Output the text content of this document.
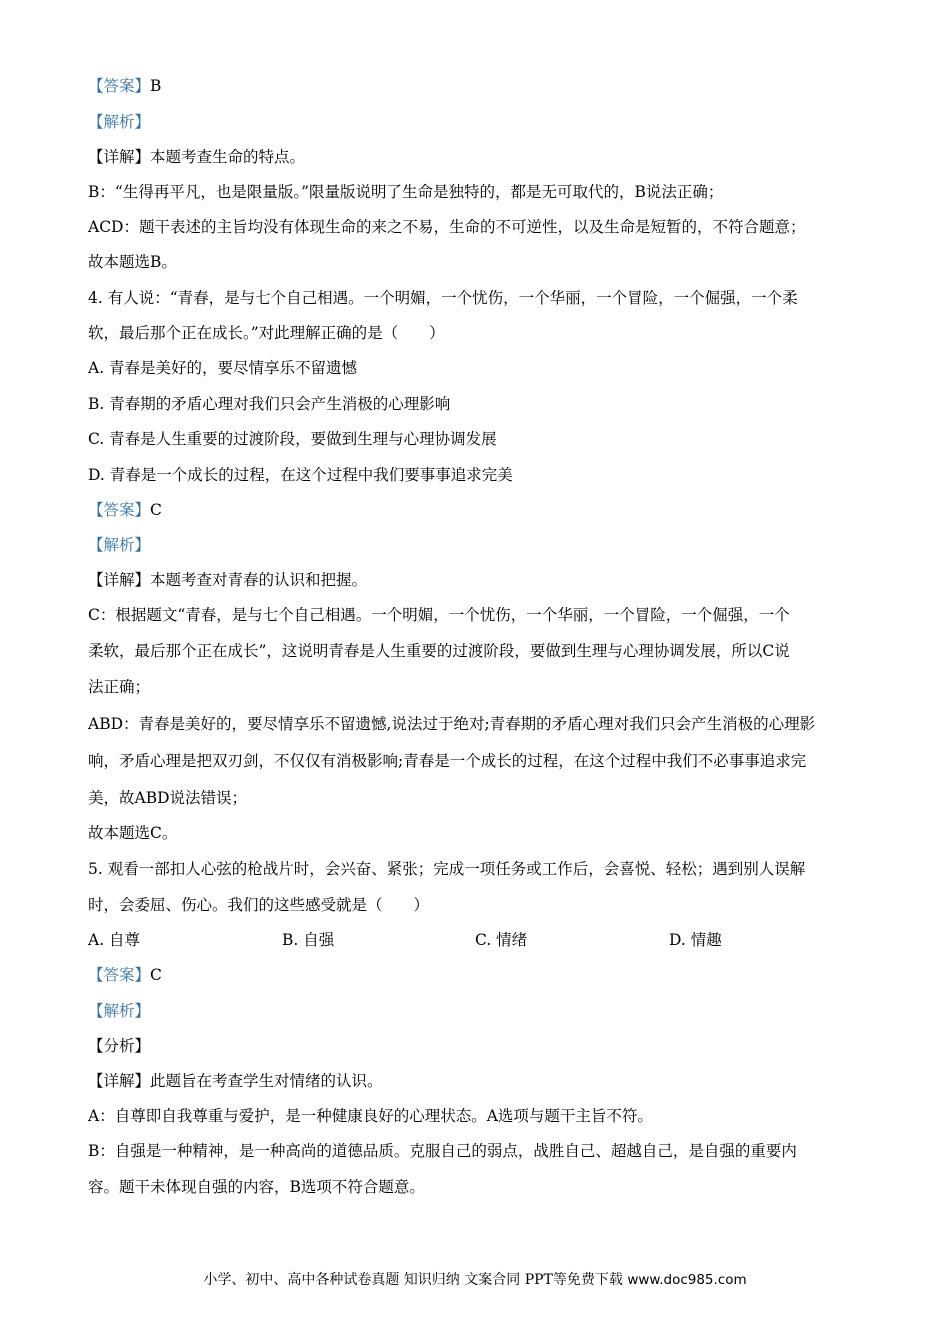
【答案】B
【解析】
【详解】本题考查生命的特点。
B：“生得再平凡，也是限量版。”限量版说明了生命是独特的，都是无可取代的，B说法正确；
ACD：题干表述的主旨均没有体现生命的来之不易，生命的不可逆性，以及生命是短暂的，不符合题意；
故本题选B。
4. 有人说：“青春，是与七个自己相遇。一个明媚，一个忧伤，一个华丽，一个冒险，一个倔强，一个柔
软，最后那个正在成长。”对此理解正确的是（　　）
A. 青春是美好的，要尽情享乐不留遗憾
B. 青春期的矛盾心理对我们只会产生消极的心理影响
C. 青春是人生重要的过渡阶段，要做到生理与心理协调发展
D. 青春是一个成长的过程，在这个过程中我们要事事追求完美
【答案】C
【解析】
【详解】本题考查对青春的认识和把握。
C：根据题文“青春，是与七个自己相遇。一个明媚，一个忧伤，一个华丽，一个冒险，一个倔强，一个
柔软，最后那个正在成长”，这说明青春是人生重要的过渡阶段，要做到生理与心理协调发展，所以C说
法正确；
ABD：青春是美好的，要尽情享乐不留遗憾,说法过于绝对;青春期的矛盾心理对我们只会产生消极的心理影
响，矛盾心理是把双刃剑，不仅仅有消极影响;青春是一个成长的过程，在这个过程中我们不必事事追求完
美，故ABD说法错误；
故本题选C。
5. 观看一部扣人心弦的枪战片时，会兴奋、紧张；完成一项任务或工作后，会喜悦、轻松；遇到别人误解
时，会委屈、伤心。我们的这些感受就是（　　）
A. 自尊	B. 自强	C. 情绪	D. 情趣
【答案】C
【解析】
【分析】
【详解】此题旨在考查学生对情绪的认识。
A：自尊即自我尊重与爱护，是一种健康良好的心理状态。A选项与题干主旨不符。
B：自强是一种精神，是一种高尚的道德品质。克服自己的弱点，战胜自己、超越自己，是自强的重要内
容。题干未体现自强的内容，B选项不符合题意。
小学、初中、高中各种试卷真题 知识归纳 文案合同 PPT等免费下载 www.doc985.com
